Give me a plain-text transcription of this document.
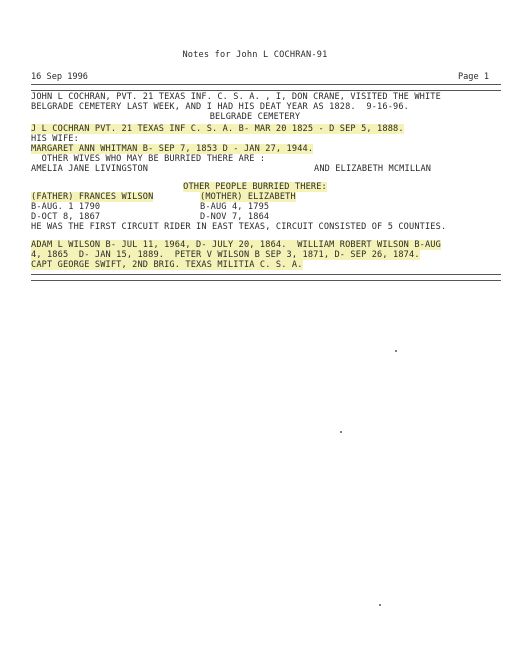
Notes for John L COCHRAN-91
16 Sep 1996	Page 1
JOHN L COCHRAN, PVT. 21 TEXAS INF. C. S. A. , I, DON CRANE, VISITED THE WHITE
BELGRADE CEMETERY LAST WEEK, AND I HAD HIS DEAT YEAR AS 1828.  9-16-96.
BELGRADE CEMETERY
J L COCHRAN PVT. 21 TEXAS INF C. S. A. B- MAR 20 1825 - D SEP 5, 1888.
HIS WIFE:
MARGARET ANN WHITMAN B- SEP 7, 1853 D - JAN 27, 1944.
OTHER WIVES WHO MAY BE BURRIED THERE ARE :
AMELIA JANE LIVINGSTON	AND ELIZABETH MCMILLAN
OTHER PEOPLE BURRIED THERE:
(FATHER) FRANCES WILSON	(MOTHER) ELIZABETH
B-AUG. 1 1790	B-AUG 4, 1795
D-OCT 8, 1867	D-NOV 7, 1864
HE WAS THE FIRST CIRCUIT RIDER IN EAST TEXAS, CIRCUIT CONSISTED OF 5 COUNTIES.
ADAM L WILSON B- JUL 11, 1964, D- JULY 20, 1864.  WILLIAM ROBERT WILSON B-AUG
4, 1865  D- JAN 15, 1889.  PETER V WILSON B SEP 3, 1871, D- SEP 26, 1874.
CAPT GEORGE SWIFT, 2ND BRIG. TEXAS MILITIA C. S. A.
